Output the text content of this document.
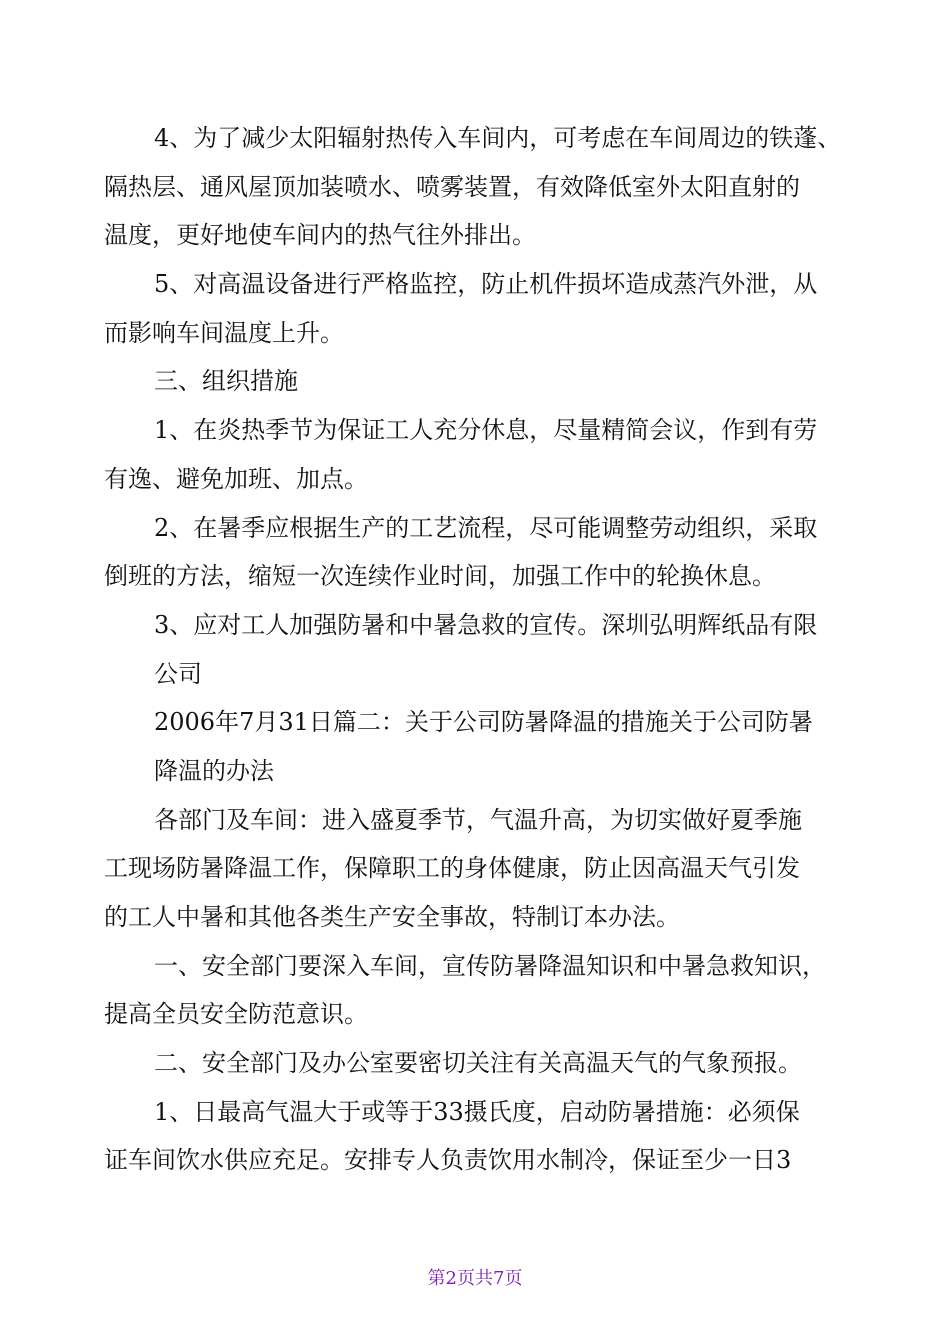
4、为了减少太阳辐射热传入车间内，可考虑在车间周边的铁蓬、
隔热层、通风屋顶加装喷水、喷雾装置，有效降低室外太阳直射的
温度，更好地使车间内的热气往外排出。
5、对高温设备进行严格监控，防止机件损坏造成蒸汽外泄，从
而影响车间温度上升。
三、组织措施
1、在炎热季节为保证工人充分休息，尽量精简会议，作到有劳
有逸、避免加班、加点。
2、在暑季应根据生产的工艺流程，尽可能调整劳动组织，采取
倒班的方法，缩短一次连续作业时间，加强工作中的轮换休息。
3、应对工人加强防暑和中暑急救的宣传。深圳弘明辉纸品有限
公司
2006年7月31日篇二：关于公司防暑降温的措施关于公司防暑
降温的办法
各部门及车间：进入盛夏季节，气温升高，为切实做好夏季施
工现场防暑降温工作，保障职工的身体健康，防止因高温天气引发
的工人中暑和其他各类生产安全事故，特制订本办法。
一、安全部门要深入车间，宣传防暑降温知识和中暑急救知识，
提高全员安全防范意识。
二、安全部门及办公室要密切关注有关高温天气的气象预报。
1、日最高气温大于或等于33摄氏度，启动防暑措施：必须保
证车间饮水供应充足。安排专人负责饮用水制冷，保证至少一日3
第2页共7页
